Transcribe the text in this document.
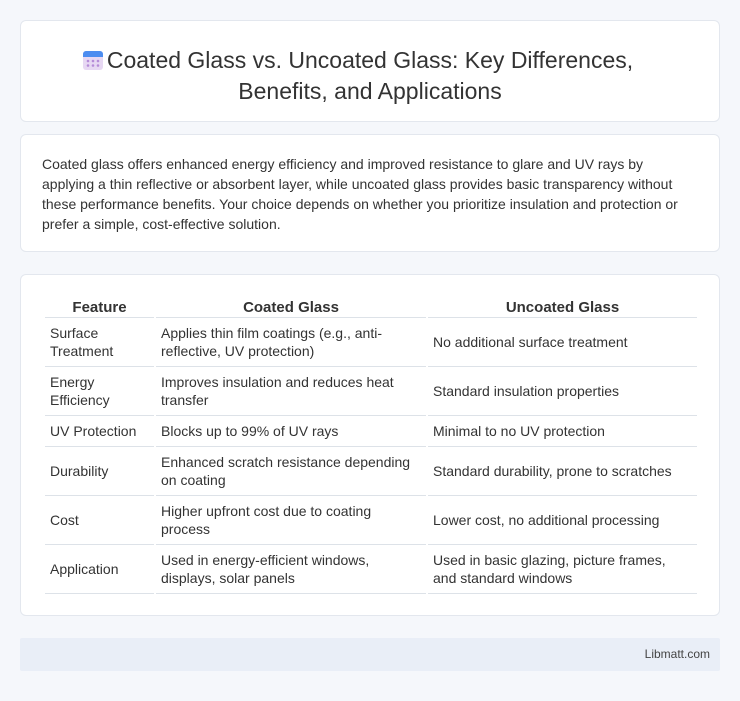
Coated Glass vs. Uncoated Glass: Key Differences,
Benefits, and Applications

Coated glass offers enhanced energy efficiency and improved resistance to glare and UV rays by applying a thin reflective or absorbent layer, while uncoated glass provides basic transparency without these performance benefits. Your choice depends on whether you prioritize insulation and protection or prefer a simple, cost-effective solution.

Feature	Coated Glass	Uncoated Glass
Surface Treatment	Applies thin film coatings (e.g., anti-reflective, UV protection)	No additional surface treatment
Energy Efficiency	Improves insulation and reduces heat transfer	Standard insulation properties
UV Protection	Blocks up to 99% of UV rays	Minimal to no UV protection
Durability	Enhanced scratch resistance depending on coating	Standard durability, prone to scratches
Cost	Higher upfront cost due to coating process	Lower cost, no additional processing
Application	Used in energy-efficient windows, displays, solar panels	Used in basic glazing, picture frames, and standard windows
Libmatt.com
